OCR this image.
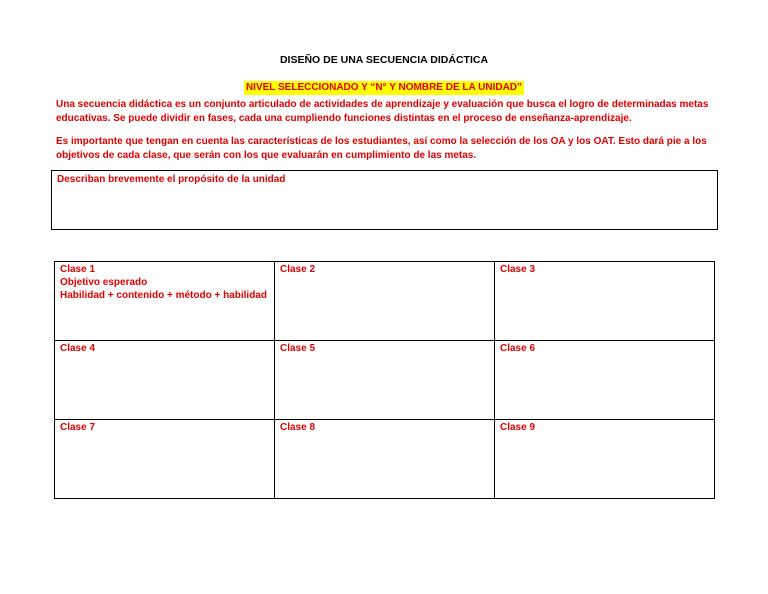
DISEÑO DE UNA SECUENCIA DIDÁCTICA
NIVEL SELECCIONADO Y “N° Y NOMBRE DE LA UNIDAD”
Una secuencia didáctica es un conjunto articulado de actividades de aprendizaje y evaluación que busca el logro de determinadas metas educativas. Se puede dividir en fases, cada una cumpliendo funciones distintas en el proceso de enseñanza-aprendizaje.
Es importante que tengan en cuenta las características de los estudiantes, así como la selección de los OA y los OAT. Esto dará pie a los objetivos de cada clase, que serán con los que evaluarán en cumplimiento de las metas.
Describan brevemente el propósito de la unidad
Clase 1
Objetivo esperado
Habilidad + contenido + método + habilidad	Clase 2	Clase 3

Clase 4	Clase 5	Clase 6

Clase 7	Clase 8	Clase 9
